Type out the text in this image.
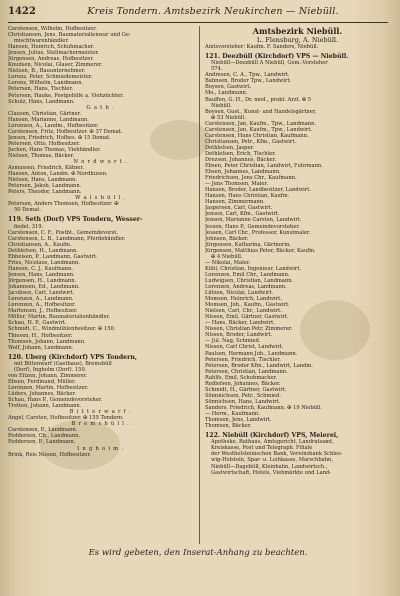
1422	Kreis Tondern. Amtsbezirk Neukirchen — Niebüll.
Carstensen, Wilhelm, Hofbesitzer.
Christiansen, Jens, Baumaterialienwar und Ge-
mischtwarenhändler.
Hansen, Heinrich, Schuhmacher.
Jensen, Julius, Stellmachermeister.
Jürgensen, Andreas, Hofbesitzer.
Knudsen, Nicolai, Glaser, Zimmerer.
Nielsen, B., Bauunternehmer.
Lorenz, Peter, Schmiedemeister.
Lorenz, Wilhelm, Landmann.
Petersen, Hans, Tischler.
Petersen, Hauke, Postgehilfe a. Viehzüchter.
Schulz, Hans, Landmann.
G a t h .
Clausen, Christian, Gärtner.
Hansen, Marianne, Landmann.
Lorenzen, A., Landm., Hofbesitzer.
Carstensen, Fritz, Hofbesitzer. ✠ 37 Demat.
Jensen, Friedrich, Hofbes. ✠ 15 Demat.
Petersen, Otto, Hofbesitzer.
Juchen, Hans Thomas, Viehhändler.
Nielsen, Thomas, Bäcker.
N o r d w u r t .
Asmussen, Friedrich, Kätner.
Hansen, Anton, Landm. ✠ Nordhusen.
Nielsen, Hans, Landmann.
Petersen, Jakob, Landmann.
Peters, Theodor, Landmann.
W a l s b ü l l .
Petersen, Anders Thomsen, Hofbesitzer. ✠
50 Demat.
119. Seth (Dorf) VPS Tondern, Wesser-
fiedel. 319.
Carstensen, C. F., Postbt., Gemeindevorst.
Carstensen, L. B., Landmann, Pferdehändler.
Christiansen, A., Kaufm.
Dethlefsen, H., Landmann.
Ebbeisen, P., Landmann, Gastwirt.
Fries, Nicolaus, Landmann.
Hansen, C. J., Kaufmann.
Jensen, Hans, Landmann.
Jörgensen, H., Landmann.
Johannsen, Ed., Landmann.
Jacobsen, Carl, Landwirt.
Lorenzen, A., Landmann.
Lorenzen, A., Hofbesitzer.
Martensen, J., Hofbesitzer.
Möller, Martin, Baumaterialienhändler.
Schau, H. P., Gastwirt.
Schmidt, C., Windmühlenbesitzer. ✠ 150.
Thiesen, H., Hofbesitzer.
Thomsen, Johann, Landmann.
Wolf, Johann, Landmann.
120. Uberg (Kirchdorf) VPS Tondern,
mit Bittenwarf (Gasthaus), Bremsbüll
(Dorf), Ingholm (Dorf). 150.
von Eitzen, Johann, Zimmerer.
Ebsen, Ferdinand, Müller.
Lorenzen, Martin, Hofbesitzer.
Lüders, Johannes, Bäcker.
Schau, Hans P., Gemeindevorsteher.
Tretten, Johann, Landmann.
B i t t e r w a r f .
Angel, Carsten, Hofbesitzer. ✠ 155 Tondern.
B r e m s b ü l l .
Carstensen, P., Landmann.
Feddersen, Ch., Landmann.
Feddersen, P., Landmann.
I n g h o l m .
Brink, Reis Nissen, Hofbesitzer.
Amtsbezirk Niebüll.
L. Flensburg, A. Niebüll.
Amtsvorsteher: Kaufm. F. Sanders, Niebüll.
121. Deezbüll (Kirchdorf) VPS — Niebüll.
Niebüll—Deezbüll A Niebüll, Gem.-Vorsteher
574.
Andresen, C. A., Tpw., Landwirt.
Bahnsen, Broder Tpw., Landwirt.
Boysen, Gastwirt.
Mo., Landmann.
Bauffen, G. H., Dr. med., prakt. Arzt. ✠ 5
Niebüll.
Boysen, Gust., Kunst- und Handelsgärtner,
✠ 53 Niebüll.
Carstensen, Jan, Kaufm., Tpw., Landmann.
Carstensen, Jan, Kaufm., Tpw., Landwirt.
Carstensen, Hans Christian, Kaufmann.
Christiansen, Petr., Kfm., Gastwirt.
Dethlefsen, Jasper.
Dethlefsen, Erich, Tischler.
Drezsen, Johannes, Bäcker.
Ebsen, Peter Christian, Landwirt, Fuhrmann.
Ebsen, Johannes, Landmann.
Friedrichsen, Jens Chr., Kaufmann.
— Jens Thomsen, Maler.
Hansen, Broder, Landbesitzer, Landwirt.
Hansen, Hans Christian, Kaufm.
Hansen, Zimmermann.
Jaspersen, Carl, Gastwirt.
Jensen, Carl, Kfm., Gastwirt.
Jensen, Marianne Carsten, Landwirt.
Jessen, Hans P., Gemeindevorsteher.
Jessen, Carl Chr., Professor, Kunstmaler.
Johnsen, Bäcker.
Jürgensen, Katharina, Gärtnerin.
Jürgensen, Matthias Peter, Bäcker, Kaufm.
✠ 4 Niebüll.
— Nikolai, Maler.
Kühl, Christian, Ingenieur, Landwirt.
Lorenzen, Emil Chr., Landmann.
Ludwigsen, Christian, Landmann.
Lorenzen, Andreas, Landmann.
Lützen, Nicolai, Landwirt.
Momsen, Heinrich, Landwirt.
Momsen, Joh., Kaufm., Gastwirt.
Nielsen, Carl, Chr., Landwirt.
Nissen, Emil, Gärtner, Gastwirt.
— Hans, Bäcker, Landwirt.
Nissen, Christian Petr, Zimmerer.
Nissen, Broder, Landwirt.
— Jul. Nag, Schmied.
Nissen, Carl Christ, Landwirt.
Paulsen, Hermann Joh., Landmann.
Petersen, Friedrich, Tischler.
Petersen, Broder Kfm., Landwirt, Landm.
Petersen, Christian, Landmann.
Rahlfs, Emil, Schuhmacher.
Redlefsen, Johannes, Bäcker.
Schmidt, H., Gärtner, Gastwirt.
Sönnnichsen, Petr., Schmied.
Sönnichsen, Hans, Landwirt.
Sanders, Friedrich, Kaufmann. ✠ 19 Niebüll.
— Herm., Kaufmann.
Thomsen, Jens, Landwirt.
Thomsen, Bäcker.
122. Niebüll (Kirchdorf) VPS, Meierei,
Apotheke, Rathaus, Amtsgericht, Landratsamt,
Kreiskasse, Post und Telegraph. Filiale
der Westholsteinischen Bank, Vereinsbank Schles-
wig-Holstein, Spar- u. Leihkasse, Marschbahn,
Niebüll—Dagebüll, Kleinbahn, Landwirtsch.,
Gastwirtschaft, Hotels, Viehmärkte und Land-
Es wird gebeten, den Inserat-Anhang zu beachten.
